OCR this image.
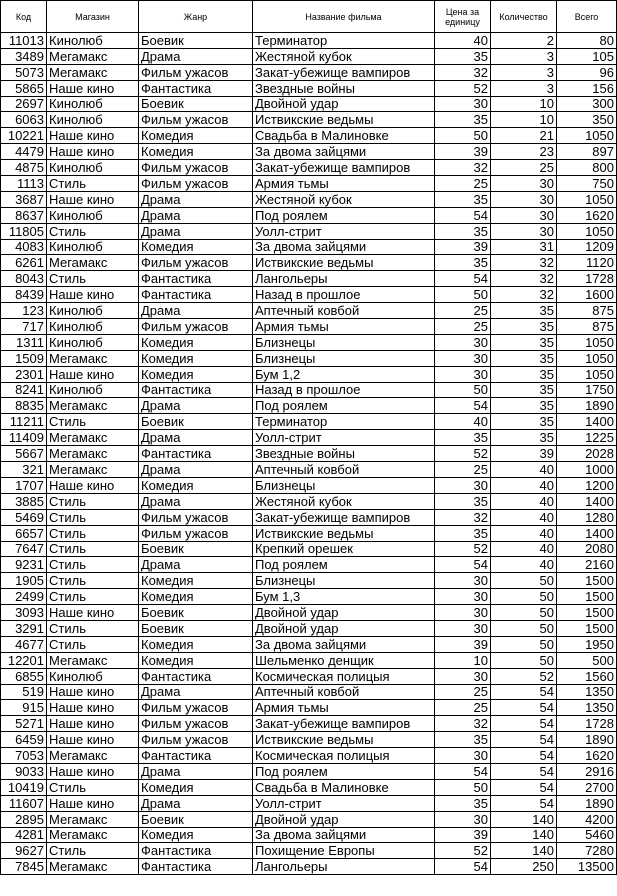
Код	Магазин	Жанр	Название фильма	Цена за единицу	Количество	Всего
11013	Кинолюб	Боевик	Терминатор	40	2	80
3489	Мегамакс	Драма	Жестяной кубок	35	3	105
5073	Мегамакс	Фильм ужасов	Закат-убежище вампиров	32	3	96
5865	Наше кино	Фантастика	Звездные войны	52	3	156
2697	Кинолюб	Боевик	Двойной удар	30	10	300
6063	Кинолюб	Фильм ужасов	Иствикские ведьмы	35	10	350
10221	Наше кино	Комедия	Свадьба в Малиновке	50	21	1050
4479	Наше кино	Комедия	За двома зайцями	39	23	897
4875	Кинолюб	Фильм ужасов	Закат-убежище вампиров	32	25	800
1113	Стиль	Фильм ужасов	Армия тьмы	25	30	750
3687	Наше кино	Драма	Жестяной кубок	35	30	1050
8637	Кинолюб	Драма	Под роялем	54	30	1620
11805	Стиль	Драма	Уолл-стрит	35	30	1050
4083	Кинолюб	Комедия	За двома зайцями	39	31	1209
6261	Мегамакс	Фильм ужасов	Иствикские ведьмы	35	32	1120
8043	Стиль	Фантастика	Лангольеры	54	32	1728
8439	Наше кино	Фантастика	Назад в прошлое	50	32	1600
123	Кинолюб	Драма	Аптечный ковбой	25	35	875
717	Кинолюб	Фильм ужасов	Армия тьмы	25	35	875
1311	Кинолюб	Комедия	Близнецы	30	35	1050
1509	Мегамакс	Комедия	Близнецы	30	35	1050
2301	Наше кино	Комедия	Бум 1,2	30	35	1050
8241	Кинолюб	Фантастика	Назад в прошлое	50	35	1750
8835	Мегамакс	Драма	Под роялем	54	35	1890
11211	Стиль	Боевик	Терминатор	40	35	1400
11409	Мегамакс	Драма	Уолл-стрит	35	35	1225
5667	Мегамакс	Фантастика	Звездные войны	52	39	2028
321	Мегамакс	Драма	Аптечный ковбой	25	40	1000
1707	Наше кино	Комедия	Близнецы	30	40	1200
3885	Стиль	Драма	Жестяной кубок	35	40	1400
5469	Стиль	Фильм ужасов	Закат-убежище вампиров	32	40	1280
6657	Стиль	Фильм ужасов	Иствикские ведьмы	35	40	1400
7647	Стиль	Боевик	Крепкий орешек	52	40	2080
9231	Стиль	Драма	Под роялем	54	40	2160
1905	Стиль	Комедия	Близнецы	30	50	1500
2499	Стиль	Комедия	Бум 1,3	30	50	1500
3093	Наше кино	Боевик	Двойной удар	30	50	1500
3291	Стиль	Боевик	Двойной удар	30	50	1500
4677	Стиль	Комедия	За двома зайцями	39	50	1950
12201	Мегамакс	Комедия	Шельменко денщик	10	50	500
6855	Кинолюб	Фантастика	Космическая полицыя	30	52	1560
519	Наше кино	Драма	Аптечный ковбой	25	54	1350
915	Наше кино	Фильм ужасов	Армия тьмы	25	54	1350
5271	Наше кино	Фильм ужасов	Закат-убежище вампиров	32	54	1728
6459	Наше кино	Фильм ужасов	Иствикские ведьмы	35	54	1890
7053	Мегамакс	Фантастика	Космическая полицыя	30	54	1620
9033	Наше кино	Драма	Под роялем	54	54	2916
10419	Стиль	Комедия	Свадьба в Малиновке	50	54	2700
11607	Наше кино	Драма	Уолл-стрит	35	54	1890
2895	Мегамакс	Боевик	Двойной удар	30	140	4200
4281	Мегамакс	Комедия	За двома зайцями	39	140	5460
9627	Стиль	Фантастика	Похищение Европы	52	140	7280
7845	Мегамакс	Фантастика	Лангольеры	54	250	13500
